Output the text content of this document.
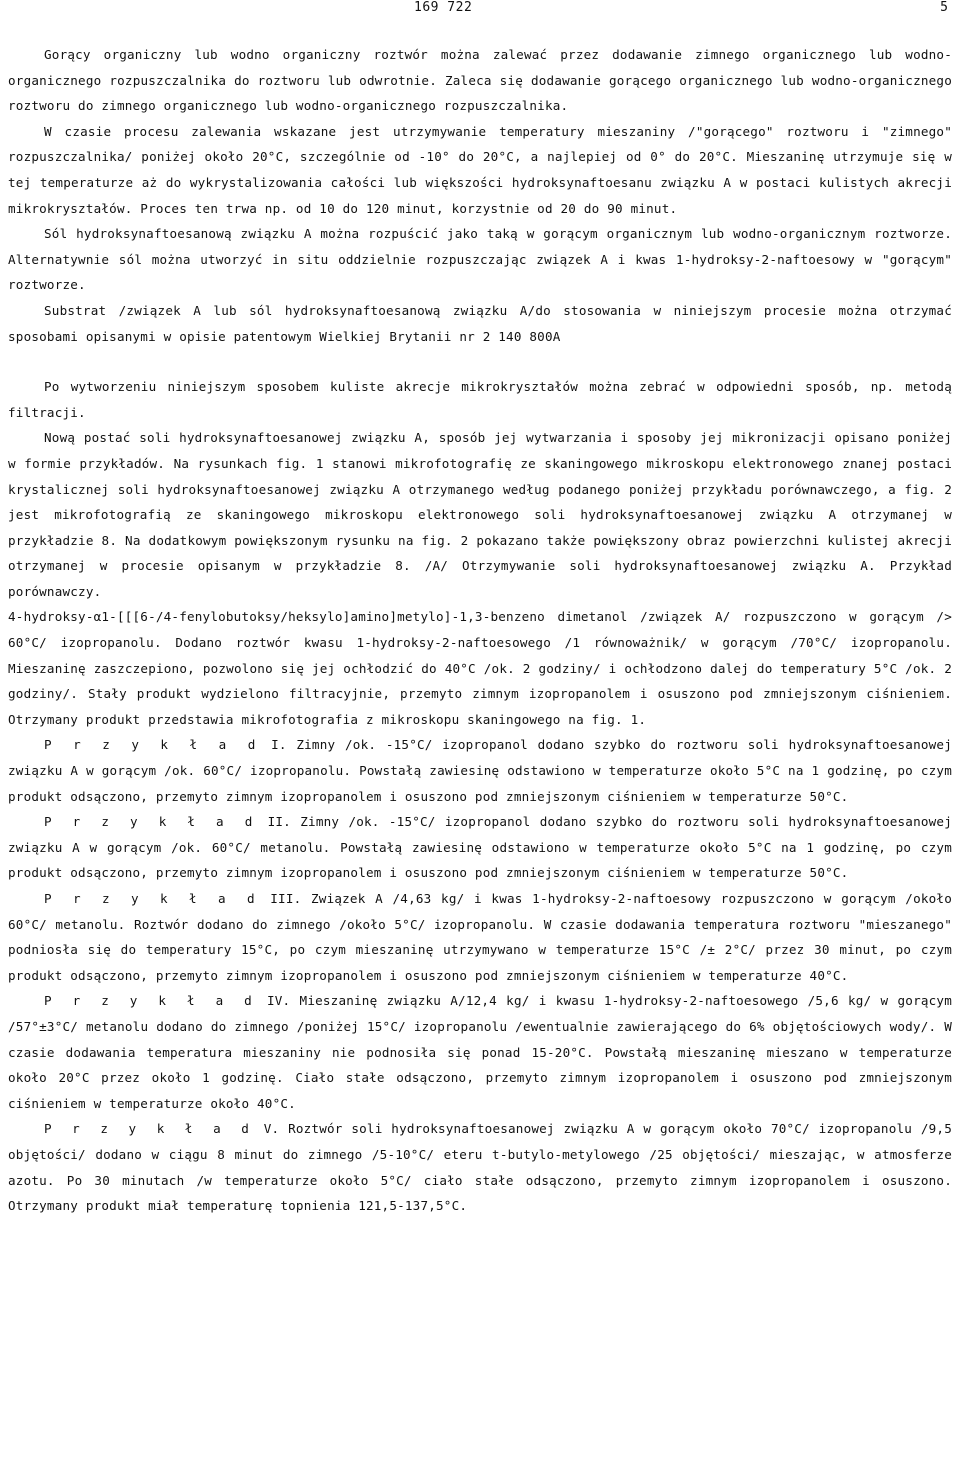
169 722	5

Gorący organiczny lub wodno organiczny roztwór można zalewać przez dodawanie zimnego organicznego lub wodno-organicznego rozpuszczalnika do roztworu lub odwrotnie. Zaleca się dodawanie gorącego organicznego lub wodno-organicznego roztworu do zimnego organicznego lub wodno-organicznego rozpuszczalnika.

W czasie procesu zalewania wskazane jest utrzymywanie temperatury mieszaniny /"gorącego" roztworu i "zimnego" rozpuszczalnika/ poniżej około 20°C, szczególnie od -10° do 20°C, a najlepiej od 0° do 20°C. Mieszaninę utrzymuje się w tej temperaturze aż do wykrystalizowania całości lub większości hydroksynaftoesanu związku A w postaci kulistych akrecji mikrokryształów. Proces ten trwa np. od 10 do 120 minut, korzystnie od 20 do 90 minut.

Sól hydroksynaftoesanową związku A można rozpuścić jako taką w gorącym organicznym lub wodno-organicznym roztworze. Alternatywnie sól można utworzyć in situ oddzielnie rozpuszczając związek A i kwas 1-hydroksy-2-naftoesowy w "gorącym" roztworze.

Substrat /związek A lub sól hydroksynaftoesanową związku A/do stosowania w niniejszym procesie można otrzymać sposobami opisanymi w opisie patentowym Wielkiej Brytanii nr 2 140 800A

Po wytworzeniu niniejszym sposobem kuliste akrecje mikrokryształów można zebrać w odpowiedni sposób, np. metodą filtracji.

Nową postać soli hydroksynaftoesanowej związku A, sposób jej wytwarzania i sposoby jej mikronizacji opisano poniżej w formie przykładów. Na rysunkach fig. 1 stanowi mikrofotografię ze skaningowego mikroskopu elektronowego znanej postaci krystalicznej soli hydroksynaftoesanowej związku A otrzymanego według podanego poniżej przykładu porównawczego, a fig. 2 jest mikrofotografią ze skaningowego mikroskopu elektronowego soli hydroksynaftoesanowej związku A otrzymanej w przykładzie 8. Na dodatkowym powiększonym rysunku na fig. 2 pokazano także powiększony obraz powierzchni kulistej akrecji otrzymanej w procesie opisanym w przykładzie 8. /A/ Otrzymywanie soli hydroksynaftoesanowej związku A. Przykład porównawczy.

4-hydroksy-α1-[[[6-/4-fenylobutoksy/heksylo]amino]metylo]-1,3-benzeno dimetanol /związek A/ rozpuszczono w gorącym /> 60°C/ izopropanolu. Dodano roztwór kwasu 1-hydroksy-2-naftoesowego /1 równoważnik/ w gorącym /70°C/ izopropanolu. Mieszaninę zaszczepiono, pozwolono się jej ochłodzić do 40°C /ok. 2 godziny/ i ochłodzono dalej do temperatury 5°C /ok. 2 godziny/. Stały produkt wydzielono filtracyjnie, przemyto zimnym izopropanolem i osuszono pod zmniejszonym ciśnieniem. Otrzymany produkt przedstawia mikrofotografia z mikroskopu skaningowego na fig. 1.

P r z y k ł a d I. Zimny /ok. -15°C/ izopropanol dodano szybko do roztworu soli hydroksynaftoesanowej związku A w gorącym /ok. 60°C/ izopropanolu. Powstałą zawiesinę odstawiono w temperaturze około 5°C na 1 godzinę, po czym produkt odsączono, przemyto zimnym izopropanolem i osuszono pod zmniejszonym ciśnieniem w temperaturze 50°C.

P r z y k ł a d II. Zimny /ok. -15°C/ izopropanol dodano szybko do roztworu soli hydroksynaftoesanowej związku A w gorącym /ok. 60°C/ metanolu. Powstałą zawiesinę odstawiono w temperaturze około 5°C na 1 godzinę, po czym produkt odsączono, przemyto zimnym izopropanolem i osuszono pod zmniejszonym ciśnieniem w temperaturze 50°C.

P r z y k ł a d III. Związek A /4,63 kg/ i kwas 1-hydroksy-2-naftoesowy rozpuszczono w gorącym /około 60°C/ metanolu. Roztwór dodano do zimnego /około 5°C/ izopropanolu. W czasie dodawania temperatura roztworu "mieszanego" podniosła się do temperatury 15°C, po czym mieszaninę utrzymywano w temperaturze 15°C /± 2°C/ przez 30 minut, po czym produkt odsączono, przemyto zimnym izopropanolem i osuszono pod zmniejszonym ciśnieniem w temperaturze 40°C.

P r z y k ł a d IV. Mieszaninę związku A/12,4 kg/ i kwasu 1-hydroksy-2-naftoesowego /5,6 kg/ w gorącym /57°±3°C/ metanolu dodano do zimnego /poniżej 15°C/ izopropanolu /ewentualnie zawierającego do 6% objętościowych wody/. W czasie dodawania temperatura mieszaniny nie podnosiła się ponad 15-20°C. Powstałą mieszaninę mieszano w temperaturze około 20°C przez około 1 godzinę. Ciało stałe odsączono, przemyto zimnym izopropanolem i osuszono pod zmniejszonym ciśnieniem w temperaturze około 40°C.

P r z y k ł a d V. Roztwór soli hydroksynaftoesanowej związku A w gorącym około 70°C/ izopropanolu /9,5 objętości/ dodano w ciągu 8 minut do zimnego /5-10°C/ eteru t-butylo-metylowego /25 objętości/ mieszając, w atmosferze azotu. Po 30 minutach /w temperaturze około 5°C/ ciało stałe odsączono, przemyto zimnym izopropanolem i osuszono. Otrzymany produkt miał temperaturę topnienia 121,5-137,5°C.
